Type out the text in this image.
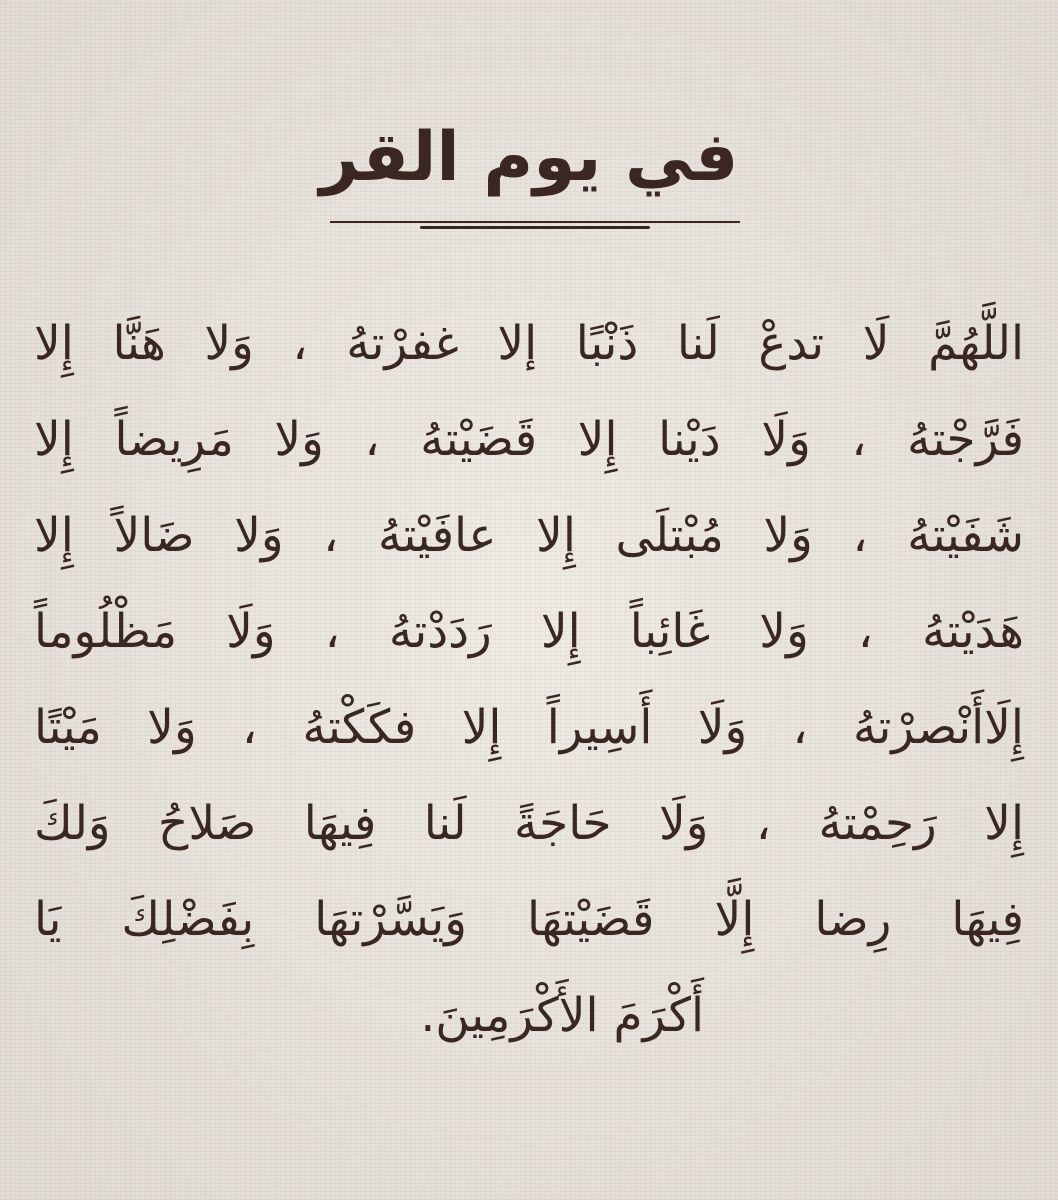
في يوم القر
اللَّهُمَّ لَا تدعْ لَنا ذَنْبًا إلا غفرْتهُ ، وَلا هَنَّا إِلا
فَرَّجْتهُ ، وَلَا دَيْنا إِلا قَضَيْتهُ ، وَلا مَرِيضاً إِلا
شَفَيْتهُ ، وَلا مُبْتلَى إِلا عافَيْتهُ ، وَلا ضَالاً إِلا
هَدَيْتهُ ، وَلا غَائِباً إِلا رَدَدْتهُ ، وَلَا مَظْلُوماً
إِلَاأَنْصرْتهُ ، وَلَا أَسِيراً إِلا فكَكْتهُ ، وَلا مَيْتًا
إِلا رَحِمْتهُ ، وَلَا حَاجَةً لَنا فِيهَا صَلاحُ وَلكَ
فِيهَا رِضا إِلَّا قَضَيْتهَا وَيَسَّرْتهَا بِفَضْلِكَ يَا
أَكْرَمَ الأَكْرَمِينَ.
